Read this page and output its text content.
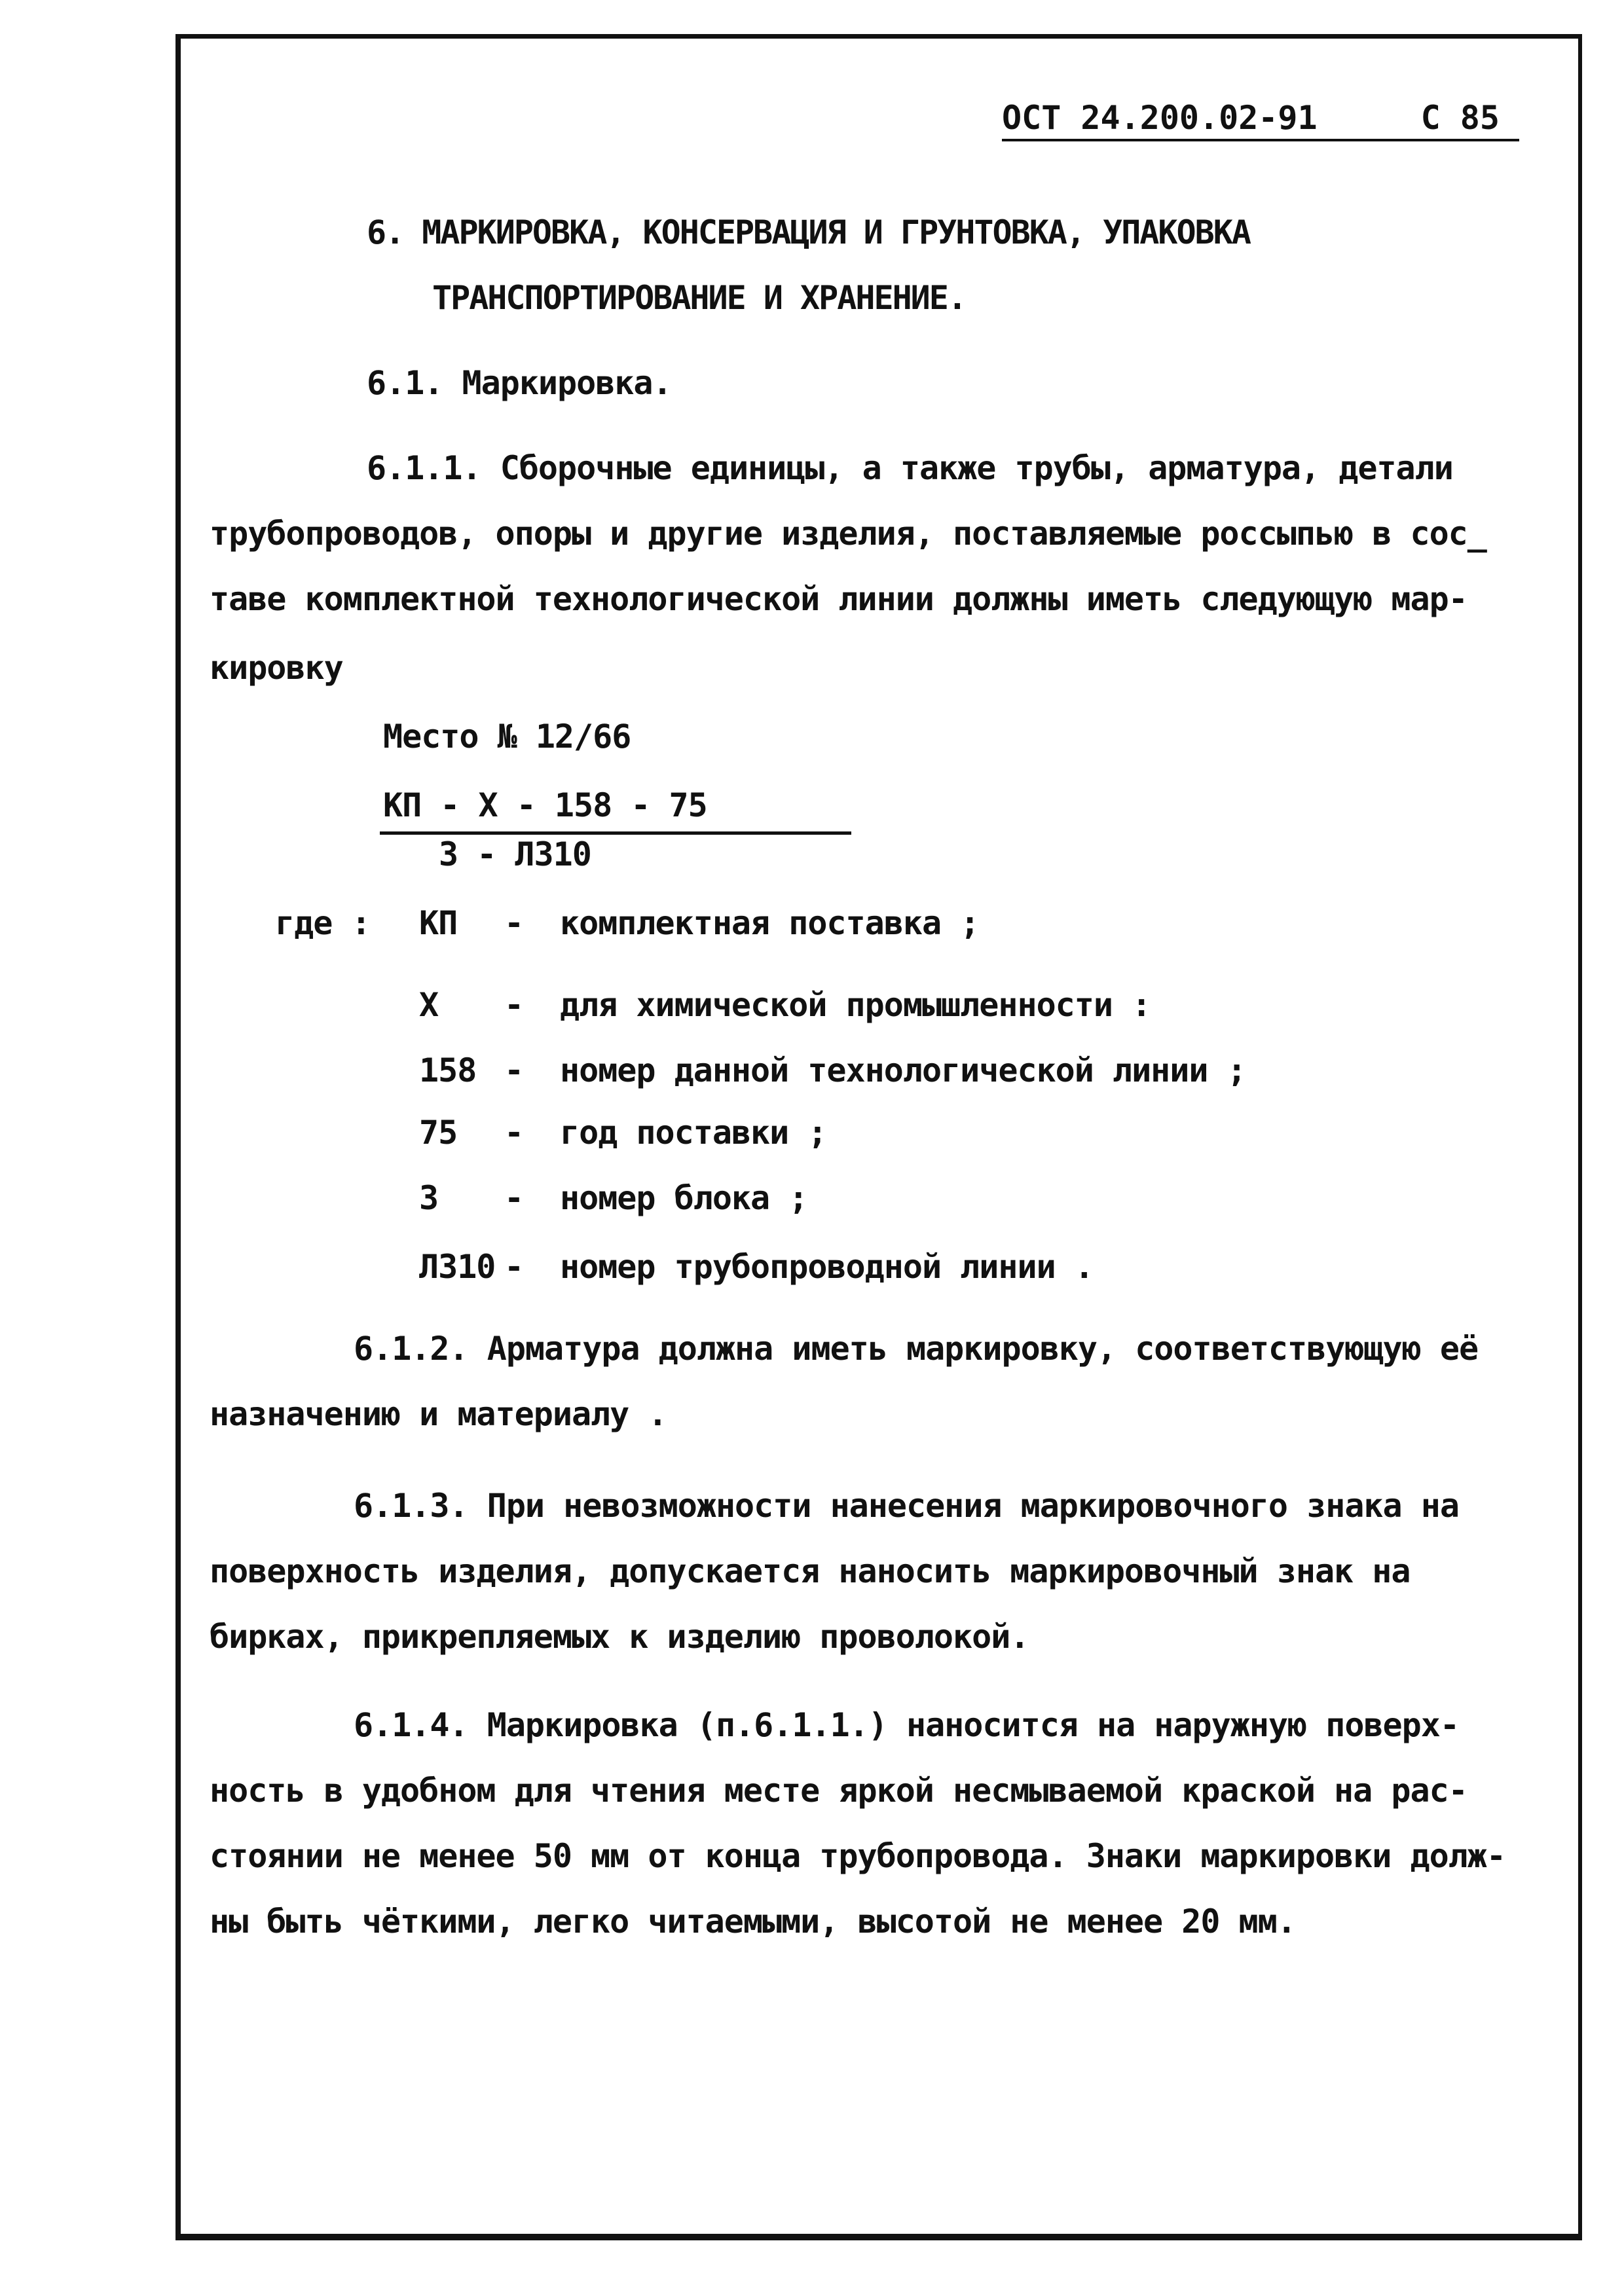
ОСТ 24.200.02-91	С 85
6. МАРКИРОВКА, КОНСЕРВАЦИЯ И ГРУНТОВКА, УПАКОВКА
ТРАНСПОРТИРОВАНИЕ И ХРАНЕНИЕ.
6.1. Маркировка.
6.1.1. Сборочные единицы, а также трубы, арматура, детали
трубопроводов, опоры и другие изделия, поставляемые россыпью в сос_
таве комплектной технологической линии должны иметь следующую мар-
кировку
Место № 12/66
КП - Х - 158 - 75
3 - Л310
где : КП - комплектная поставка ;
Х - для химической промышленности :
158 - номер данной технологической линии ;
75 - год поставки ;
3 - номер блока ;
Л310 - номер трубопроводной линии .
6.1.2. Арматура должна иметь маркировку, соответствующую её
назначению и материалу .
6.1.3. При невозможности нанесения маркировочного знака на
поверхность изделия, допускается наносить маркировочный знак на
бирках, прикрепляемых к изделию проволокой.
6.1.4. Маркировка (п.6.1.1.) наносится на наружную поверх-
ность в удобном для чтения месте яркой несмываемой краской на рас-
стоянии не менее 50 мм от конца трубопровода. Знаки маркировки долж-
ны быть чёткими, легко читаемыми, высотой не менее 20 мм.
